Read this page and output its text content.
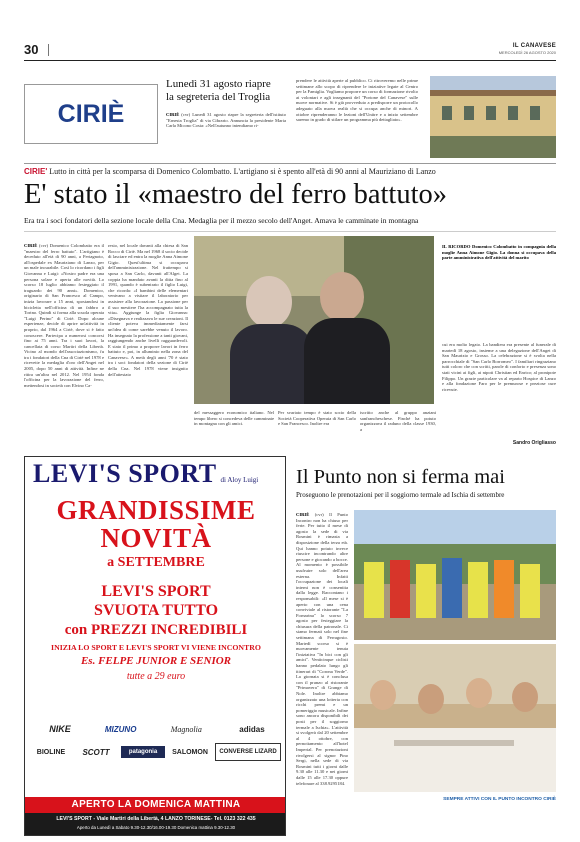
30	IL CANAVESE
MERCOLEDÌ 26 AGOSTO 2020
CIRIÈ
Lunedì 31 agosto riapre
la segreteria del Troglia
CIRIÈ (cvr) Lunedì 31 agosto riapre la segreteria dell'istituto "Ernesta Troglia" di via Cibrario. Annuncia la presidente Maria Carla Micono Costa: «Nell'autunno intendiamo ri-
prendere le attività aperte al pubblico. Ci ritroveremo nelle prime settimane allo scopo di riprendere le iniziative legate al Centro per la Famiglia. Vogliamo proporre un corso di formazione rivolto ai volontari e agli insegnanti del "Portone del Canavese" sulle nuove normative. Si è già provveduto a predisporre un protocollo adeguato alla nuova realtà che si occupa anche di minori. A ottobre riprenderanno le lezioni dell'Unitre e a inizio settembre saremo in grado di stilare un programma più dettagliato».
CIRIE' Lutto in città per la scomparsa di Domenico Colombatto. L'artigiano si è spento all'età di 90 anni al Mauriziano di Lanzo
E' stato il «maestro del ferro battuto»
Era tra i soci fondatori della sezione locale della Cna. Medaglia per il mezzo secolo dell'Anget. Amava le camminate in montagna
CIRIÈ (cvr) Domenico Colombatto era il "maestro del ferro battuto". L'artigiano è deceduto all'età di 90 anni, a Fertagnoto, all'ospedale ex Mauriziano di Lanzo, per un male incurabile. Così lo ricordano i figli Giovanna e Luigi: «Nostro padre era una persona solare e aperta alle novità. Lo scorso 18 luglio abbiamo festeggiato il traguardo dei 90 anni». Domenico, originario di San Francesco al Campo, inizia lavorare a 15 anni, spostandosi in bicicletta nell'officina di un fabbro a Torino. Quindi si forma alla scuola operaia "Luigi Perino" di Ciriè. Dopo alcune esperienze, decide di aprire un'attività in proprio, dal 1964 a Ciriè, dove si è fatto conoscere. Partecipa a numerosi concorsi fino ai 75 anni. Tra i suoi lavori, la cancellata di corso Martiri della Libertà. Vicino al mondo dell'associazionismo, fu tra i fondatori della Cna di Ciriè nel 1978 e ricevette la medaglia d'oro dell'Anget nel 2005, dopo 50 anni di attività. Infine ne ritira un'altra nel 2012. Nel 1954 fonda l'officina per la lavorazione del ferro, mettendosi in società con Elvino Ca-
resio, nel locale davanti alla chiesa di San Rocco di Ciriè. Ma nel 1968 il socio decide di lasciare ed entra la moglie Anna Aimone Gigio. Quest'ultima si occupava dell'amministrazione. Nel frattempo si sposa a San Carlo, davanti all'Alget. La coppia ha mandato avanti la ditta fino al 1991, quando è subentrato il figlio Luigi, che ricorda: «I bambini delle elementari venivano a visitare il laboratorio per assistere alla lavorazione. La passione per il suo mestiere l'ha accompagnato tutta la vita». Aggiunge la figlia Giovanna: «Disegnava e realizzava le sue creazioni. Il cliente poteva immediatamente farsi un'idea di come sarebbe venuto il lavoro. Ha insegnato la professione a tanti giovani, raggiungendo anche livelli ragguardevoli. E stato il primo a proporre lavori in ferro battuto e, poi, in alluminio nella zona del Canavese». A metà degli anni '70 è stato tra i soci fondatori della sezione di Ciriè della Cna. Nel 1978 viene insignito dell'attestato
del messaggero economico italiano. Nel tempo libero si concedeva delle camminate in montagna con gli amici.
Per svariato tempo è stato socio della Società Cooperativa Operaia di San Carlo e San Francesco. Inoltre era
iscritto anche al gruppo anziani sanfrancheschese. Finché ha potuto organizzava il raduno della classe 1930, a
IL RICORDO Domenico Colombatto in compagnia della moglie Anna Aimone Gigio. La donna si occupava della parte amministrativa dell'attività del marito
cui era molto legato. La bandiera era presente al funerale di martedì 18 agosto, insieme a una delegazione dell'Anget di San Maurizio e Grosso. La celebrazione si è svolta nella parrocchiale di "San Carlo Borromeo". I familiari ringraziano tutti coloro che con scritti, parole di conforto e presenza sono stati vicini ai figli, ai nipoti Christian ed Enrico; al pronipote Filippo. Un grazie particolare va al reparto Hospice di Lanzo e alla fondazione Faro per le premurose e preziose cure ricevute.
Sandro Origliasso
LEVI'S SPORT di Aloy Luigi
GRANDISSIME
NOVITÀ
a SETTEMBRE
LEVI'S SPORT
SVUOTA TUTTO
con PREZZI INCREDIBILI
INIZIA LO SPORT E LEVI'S SPORT VI VIENE INCONTRO
Es. FELPE JUNIOR E SENIOR
tutte a 29 euro
NIKE	MIZUNO	Magnolia	adidas
BIOLINE	SCOTT	patagonia	SALOMON	CONVERSE LIZARD
APERTO LA DOMENICA MATTINA
LEVI'S SPORT - Viale Martiri della Libertà, 4 LANZO TORINESE- Tel. 0123 322 435
Aperto da Lunedì a Sabato 9.30-12.30/16.00-19.30 Domenica mattina 9.30-12.30
Il Punto non si ferma mai
Proseguono le prenotazioni per il soggiorno termale ad Ischia di settembre
CIRIÈ (cvr) Il Punto Incontro non ha chiuso per ferie. Per tutto il mese di agosto la sede di via Rosmini è rimasta a disposizione della terza età. Qui hanno potuto invece riuscire incontrando altre persone e giocando a bocce. Al momento è possibile usufruire solo dell'area esterna. Infatti l'occupazione dei locali interni non è consentita dalla legge. Raccontano i responsabili: «Il mese si è aperto con una cena conviviale al ristorante "La Fornarina" lo scorso 7 agosto per festeggiare la chiusura della patronale. Ci siamo fermati solo nel fine settimana di Ferragosto. Martedì scorso si è nuovamente tenuta l'iniziativa "In bici con gli amici". Venticinque ciclisti hanno pedalato lungo gli itinerari di "Corona Verde". La giornata si è conclusa con il pranzo al ristorante "Primavera" di Grange di Nole. Inoltre abbiamo organizzato una lotteria con ricchi premi e un pomeriggio musicale. Infine sono ancora disponibili dei posti per il soggiorno termale a Ischia». L'attività si svolgerà dal 20 settembre al 4 ottobre, con pernottamento all'hotel Imperial. Per prenotazioni rivolgersi al signor Pino Sergi, nella sede di via Rosmini tutti i giorni dalle 9.30 alle 11.30 e nei giorni dalle 15 alle 17.30 oppure telefonare al 338.9295184.
SEMPRE ATTIVI CON IL PUNTO INCONTRO CIRIÈ
